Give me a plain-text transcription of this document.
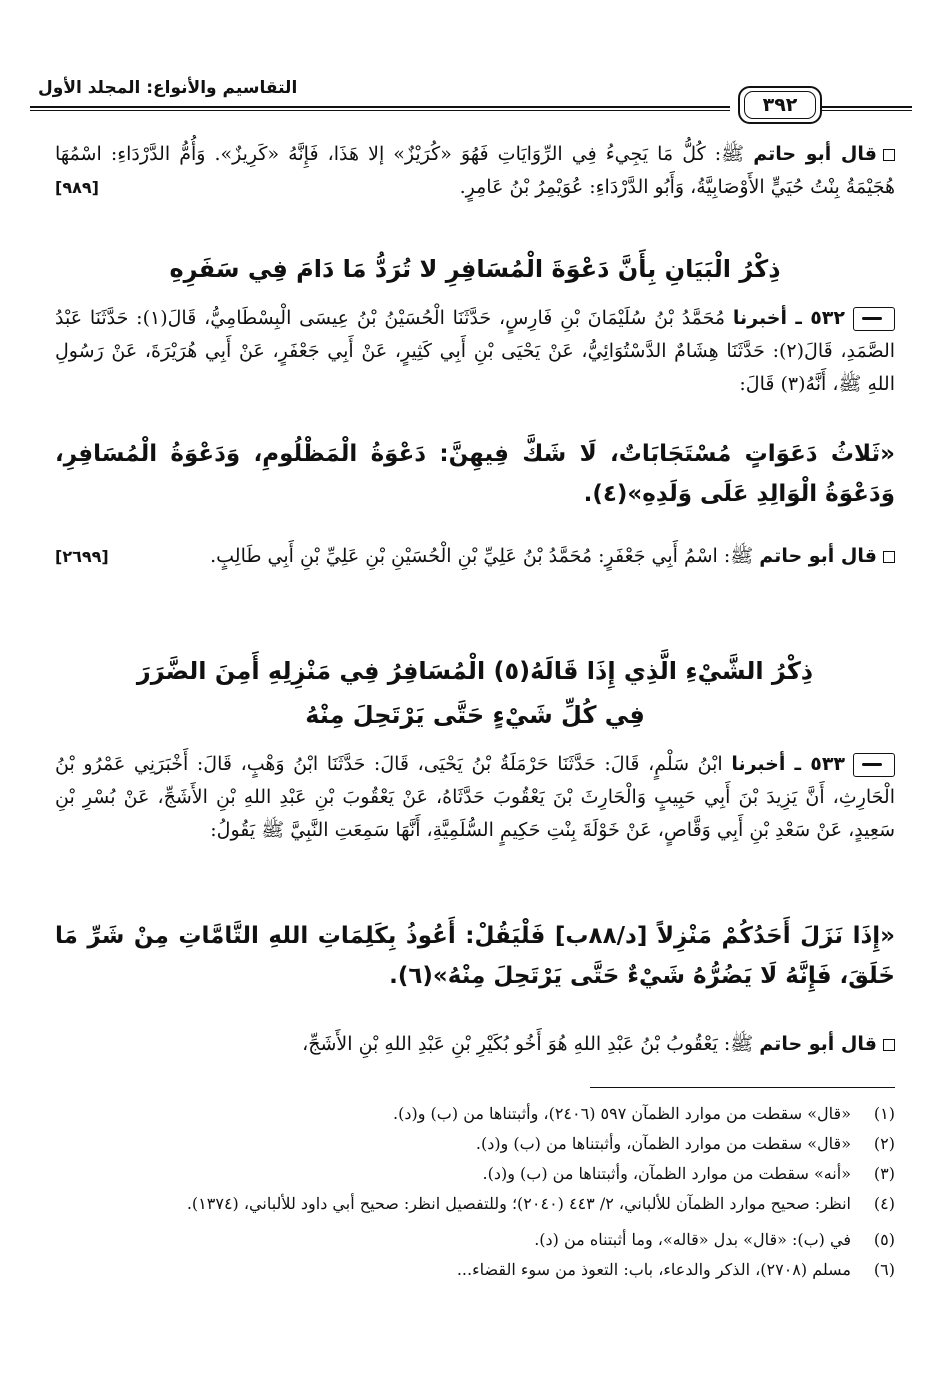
التقاسيم والأنواع: المجلد الأول
٣٩٢
قال أبو حاتم ﷺ: كُلُّ مَا يَجِيءُ فِي الرِّوَايَاتِ فَهُوَ «كُرَيْزٌ» إلا هَذَا، فَإِنَّهُ «كَرِيزٌ». وَأُمُّ الدَّرْدَاءِ: اسْمُهَا هُجَيْمَةُ بِنْتُ حُيَيٍّ الأَوْصَابِيَّةُ، وَأَبُو الدَّرْدَاءِ: عُوَيْمِرُ بْنُ عَامِرٍ.
[٩٨٩]
ذِكْرُ الْبَيَانِ بِأَنَّ دَعْوَةَ الْمُسَافِرِ لا تُرَدُّ مَا دَامَ فِي سَفَرِهِ
٥٣٢ ـ أخبرنا مُحَمَّدُ بْنُ سُلَيْمَانَ بْنِ فَارِسٍ، حَدَّثَنَا الْحُسَيْنُ بْنُ عِيسَى الْبِسْطَامِيُّ، قَالَ(١): حَدَّثَنَا عَبْدُ الصَّمَدِ، قَالَ(٢): حَدَّثَنَا هِشَامٌ الدَّسْتُوَائِيُّ، عَنْ يَحْيَى بْنِ أَبِي كَثِيرٍ، عَنْ أَبِي جَعْفَرٍ، عَنْ أَبِي هُرَيْرَةَ، عَنْ رَسُولِ اللهِ ﷺ، أَنَّهُ(٣) قَالَ:
«ثَلاثُ دَعَوَاتٍ مُسْتَجَابَاتٌ، لَا شَكَّ فِيهِنَّ: دَعْوَةُ الْمَظْلُومِ، وَدَعْوَةُ الْمُسَافِرِ، وَدَعْوَةُ الْوَالِدِ عَلَى وَلَدِهِ»(٤).
قال أبو حاتم ﷺ: اسْمُ أَبِي جَعْفَرٍ: مُحَمَّدُ بْنُ عَلِيِّ بْنِ الْحُسَيْنِ بْنِ عَلِيِّ بْنِ أَبِي طَالِبٍ.
[٢٦٩٩]
ذِكْرُ الشَّيْءِ الَّذِي إِذَا قَالَهُ(٥) الْمُسَافِرُ فِي مَنْزِلِهِ أَمِنَ الضَّرَرَ
فِي كُلِّ شَيْءٍ حَتَّى يَرْتَحِلَ مِنْهُ
٥٣٣ ـ أخبرنا ابْنُ سَلْمٍ، قَالَ: حَدَّثَنَا حَرْمَلَةُ بْنُ يَحْيَى، قَالَ: حَدَّثَنَا ابْنُ وَهْبٍ، قَالَ: أَخْبَرَنِي عَمْرُو بْنُ الْحَارِثِ، أَنَّ يَزِيدَ بْنَ أَبِي حَبِيبٍ وَالْحَارِثَ بْنَ يَعْقُوبَ حَدَّثَاهُ، عَنْ يَعْقُوبَ بْنِ عَبْدِ اللهِ بْنِ الأَشَجِّ، عَنْ بُسْرِ بْنِ سَعِيدٍ، عَنْ سَعْدِ بْنِ أَبِي وَقَّاصٍ، عَنْ خَوْلَةَ بِنْتِ حَكِيمٍ السُّلَمِيَّةِ، أَنَّهَا سَمِعَتِ النَّبِيَّ ﷺ يَقُولُ:
«إِذَا نَزَلَ أَحَدُكُمْ مَنْزِلاً [د/٨٨ب] فَلْيَقُلْ: أَعُوذُ بِكَلِمَاتِ اللهِ التَّامَّاتِ مِنْ شَرِّ مَا خَلَقَ، فَإِنَّهُ لَا يَضُرُّهُ شَيْءٌ حَتَّى يَرْتَحِلَ مِنْهُ»(٦).
قال أبو حاتم ﷺ: يَعْقُوبُ بْنُ عَبْدِ اللهِ هُوَ أَخُو بُكَيْرِ بْنِ عَبْدِ اللهِ بْنِ الأَشَجِّ،
(١)«قال» سقطت من موارد الظمآن ٥٩٧ (٢٤٠٦)، وأثبتناها من (ب) و(د).
(٢)«قال» سقطت من موارد الظمآن، وأثبتناها من (ب) و(د).
(٣)«أنه» سقطت من موارد الظمآن، وأثبتناها من (ب) و(د).
(٤)انظر: صحيح موارد الظمآن للألباني، ٢/ ٤٤٣ (٢٠٤٠)؛ وللتفصيل انظر: صحيح أبي داود للألباني، (١٣٧٤).
(٥)في (ب): «قال» بدل «قاله»، وما أثبتناه من (د).
(٦)مسلم (٢٧٠٨)، الذكر والدعاء، باب: التعوذ من سوء القضاء...
